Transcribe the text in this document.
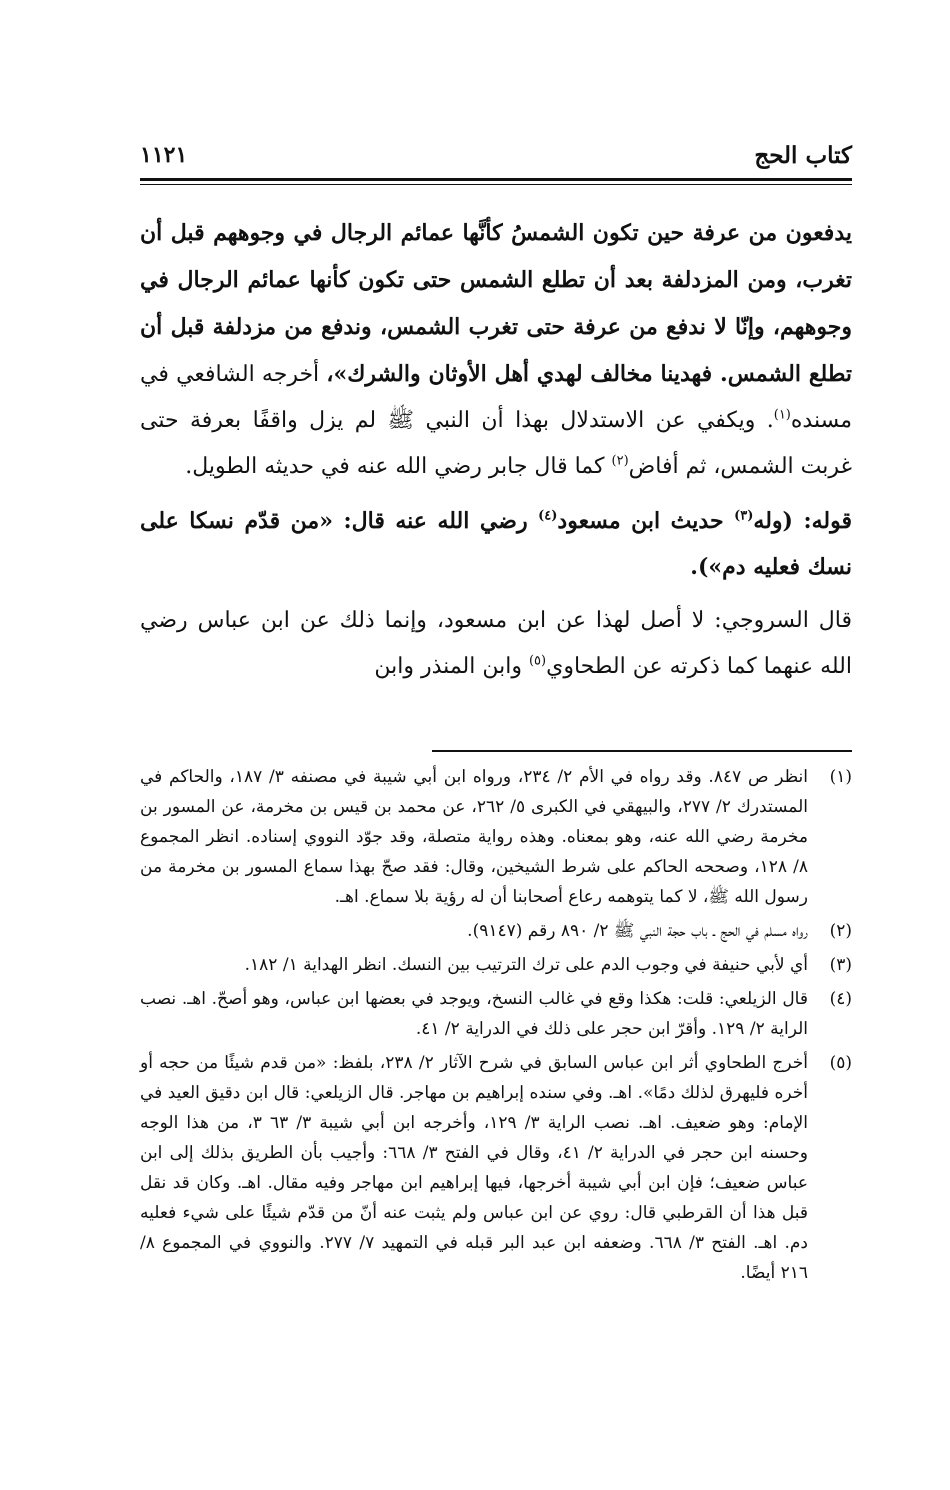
كتاب الحج
١١٢١

يدفعون من عرفة حين تكون الشمسُ كأنَّها عمائم الرجال في وجوههم قبل أن تغرب، ومن المزدلفة بعد أن تطلع الشمس حتى تكون كأنها عمائم الرجال في وجوههم، وإنّا لا ندفع من عرفة حتى تغرب الشمس، وندفع من مزدلفة قبل أن تطلع الشمس. فهدينا مخالف لهدي أهل الأوثان والشرك»، أخرجه الشافعي في مسنده$^{(١)}$. ويكفي عن الاستدلال بهذا أن النبي ﷺ لم يزل واقفًا بعرفة حتى غربت الشمس، ثم أفاض$^{(٢)}$ كما قال جابر رضي الله عنه في حديثه الطويل.

قوله: (وله$^{(٣)}$ حديث ابن مسعود$^{(٤)}$ رضي الله عنه قال: «من قدّم نسكا على نسك فعليه دم»).

قال السروجي: لا أصل لهذا عن ابن مسعود، وإنما ذلك عن ابن عباس رضي الله عنهما كما ذكرته عن الطحاوي$^{(٥)}$ وابن المنذر وابن

(١)
انظر ص ٨٤٧. وقد رواه في الأم ٢/ ٢٣٤، ورواه ابن أبي شيبة في مصنفه ٣/ ١٨٧، والحاكم في المستدرك ٢/ ٢٧٧، والبيهقي في الكبرى ٥/ ٢٦٢، عن محمد بن قيس بن مخرمة، عن المسور بن مخرمة رضي الله عنه، وهو بمعناه. وهذه رواية متصلة، وقد جوّد النووي إسناده. انظر المجموع ٨/ ١٢٨، وصححه الحاكم على شرط الشيخين، وقال: فقد صحّ بهذا سماع المسور بن مخرمة من رسول الله ﷺ، لا كما يتوهمه رعاع أصحابنا أن له رؤية بلا سماع. اهـ.

(٢)
رواه مسلم في الحج ـ باب حجة النبي ﷺ ٢/ ٨٩٠ رقم (٩١٤٧).

(٣)
أي لأبي حنيفة في وجوب الدم على ترك الترتيب بين النسك. انظر الهداية ١/ ١٨٢.

(٤)
قال الزيلعي: قلت: هكذا وقع في غالب النسخ، ويوجد في بعضها ابن عباس، وهو أصحّ. اهـ. نصب الراية ٢/ ١٢٩. وأقرّ ابن حجر على ذلك في الدراية ٢/ ٤١.

(٥)
أخرج الطحاوي أثر ابن عباس السابق في شرح الآثار ٢/ ٢٣٨، بلفظ: «من قدم شيئًا من حجه أو أخره فليهرق لذلك دمًا». اهـ. وفي سنده إبراهيم بن مهاجر. قال الزيلعي: قال ابن دقيق العيد في الإمام: وهو ضعيف. اهـ. نصب الراية ٣/ ١٢٩، وأخرجه ابن أبي شيبة ٣/ ٦٣ ٣، من هذا الوجه وحسنه ابن حجر في الدراية ٢/ ٤١، وقال في الفتح ٣/ ٦٦٨: وأجيب بأن الطريق بذلك إلى ابن عباس ضعيف؛ فإن ابن أبي شيبة أخرجها، فيها إبراهيم ابن مهاجر وفيه مقال. اهـ. وكان قد نقل قبل هذا أن القرطبي قال: روي عن ابن عباس ولم يثبت عنه أنّ من قدّم شيئًا على شيء فعليه دم. اهـ. الفتح ٣/ ٦٦٨. وضعفه ابن عبد البر قبله في التمهيد ٧/ ٢٧٧. والنووي في المجموع ٨/ ٢١٦ أيضًا.
